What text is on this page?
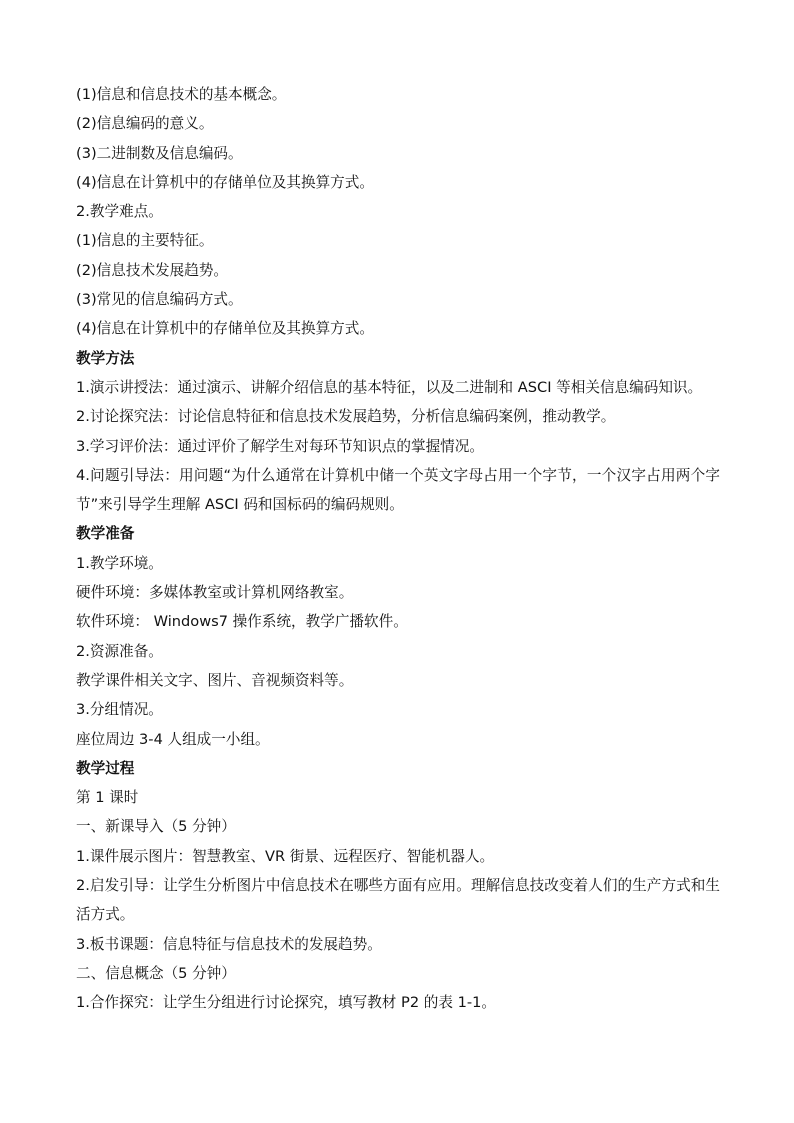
(1)信息和信息技术的基本概念。

(2)信息编码的意义。

(3)二进制数及信息编码。

(4)信息在计算机中的存储单位及其换算方式。

2.教学难点。

(1)信息的主要特征。

(2)信息技术发展趋势。

(3)常见的信息编码方式。

(4)信息在计算机中的存储单位及其换算方式。

教学方法

1.演示讲授法：通过演示、讲解介绍信息的基本特征，以及二进制和 ASCI 等相关信息编码知识。

2.讨论探究法：讨论信息特征和信息技术发展趋势，分析信息编码案例，推动教学。

3.学习评价法：通过评价了解学生对每环节知识点的掌握情况。

4.问题引导法：用问题“为什么通常在计算机中储一个英文字母占用一个字节，一个汉字占用两个字节”来引导学生理解 ASCI 码和国标码的编码规则。

教学准备

1.教学环境。

硬件环境：多媒体教室或计算机网络教室。

软件环境： Windows7 操作系统，教学广播软件。

2.资源准备。

教学课件相关文字、图片、音视频资料等。

3.分组情况。

座位周边 3-4 人组成一小组。

教学过程

第 1 课时

一、新课导入（5 分钟）

1.课件展示图片：智慧教室、VR 街景、远程医疗、智能机器人。

2.启发引导：让学生分析图片中信息技术在哪些方面有应用。理解信息技改变着人们的生产方式和生活方式。

3.板书课题：信息特征与信息技术的发展趋势。

二、信息概念（5 分钟）

1.合作探究：让学生分组进行讨论探究，填写教材 P2 的表 1-1。
